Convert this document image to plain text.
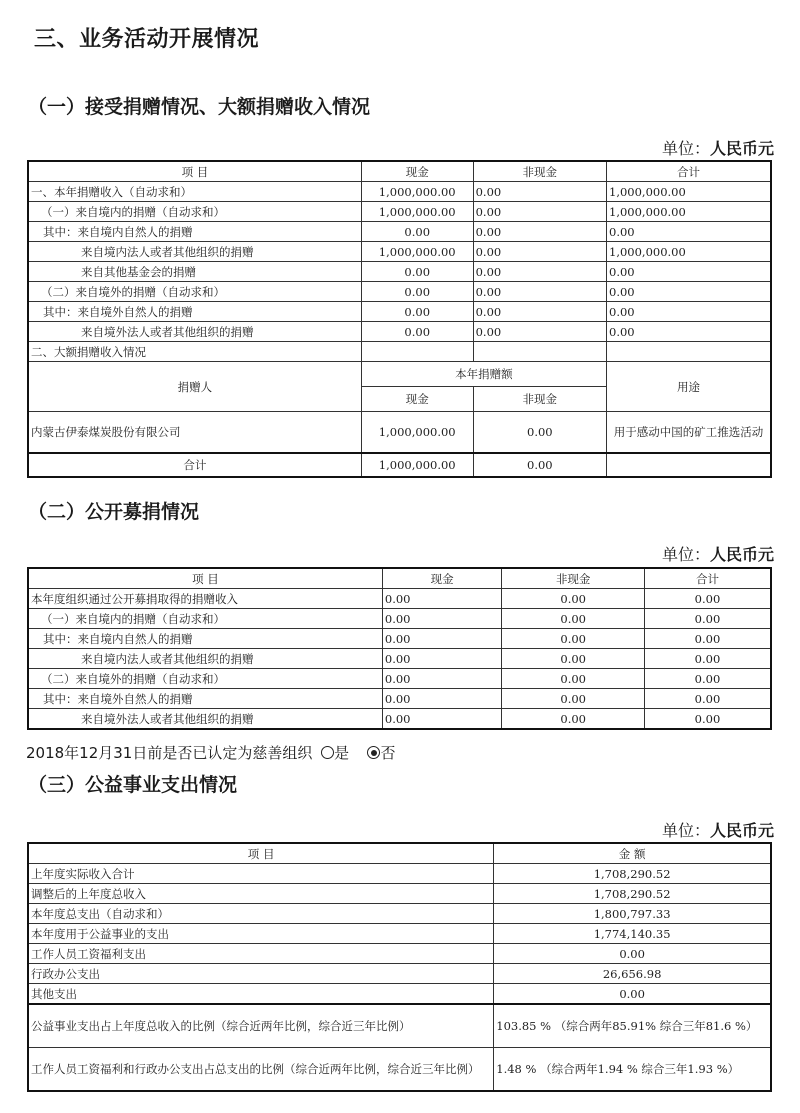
三、业务活动开展情况
（一）接受捐赠情况、大额捐赠收入情况
单位：人民币元
项 目	现金	非现金	合计
一、本年捐赠收入（自动求和）	1,000,000.00	0.00	1,000,000.00
（一）来自境内的捐赠（自动求和）	1,000,000.00	0.00	1,000,000.00
其中：来自境内自然人的捐赠	0.00	0.00	0.00
来自境内法人或者其他组织的捐赠	1,000,000.00	0.00	1,000,000.00
来自其他基金会的捐赠	0.00	0.00	0.00
（二）来自境外的捐赠（自动求和）	0.00	0.00	0.00
其中：来自境外自然人的捐赠	0.00	0.00	0.00
来自境外法人或者其他组织的捐赠	0.00	0.00	0.00
二、大额捐赠收入情况			
捐赠人	本年捐赠额		用途
	现金	非现金	
内蒙古伊泰煤炭股份有限公司	1,000,000.00	0.00	用于感动中国的矿工推选活动
合计	1,000,000.00	0.00	
（二）公开募捐情况
单位：人民币元
项 目	现金	非现金	合计
本年度组织通过公开募捐取得的捐赠收入	0.00	0.00	0.00
（一）来自境内的捐赠（自动求和）	0.00	0.00	0.00
其中：来自境内自然人的捐赠	0.00	0.00	0.00
来自境内法人或者其他组织的捐赠	0.00	0.00	0.00
（二）来自境外的捐赠（自动求和）	0.00	0.00	0.00
其中：来自境外自然人的捐赠	0.00	0.00	0.00
来自境外法人或者其他组织的捐赠	0.00	0.00	0.00
2018年12月31日前是否已认定为慈善组织 是 否
（三）公益事业支出情况
单位：人民币元
项 目	金 额
上年度实际收入合计	1,708,290.52
调整后的上年度总收入	1,708,290.52
本年度总支出（自动求和）	1,800,797.33
本年度用于公益事业的支出	1,774,140.35
工作人员工资福利支出	0.00
行政办公支出	26,656.98
其他支出	0.00
公益事业支出占上年度总收入的比例（综合近两年比例，综合近三年比例）	103.85 % （综合两年85.91% 综合三年81.6 %）
工作人员工资福利和行政办公支出占总支出的比例（综合近两年比例，综合近三年比例）	1.48 % （综合两年1.94 % 综合三年1.93 %）
